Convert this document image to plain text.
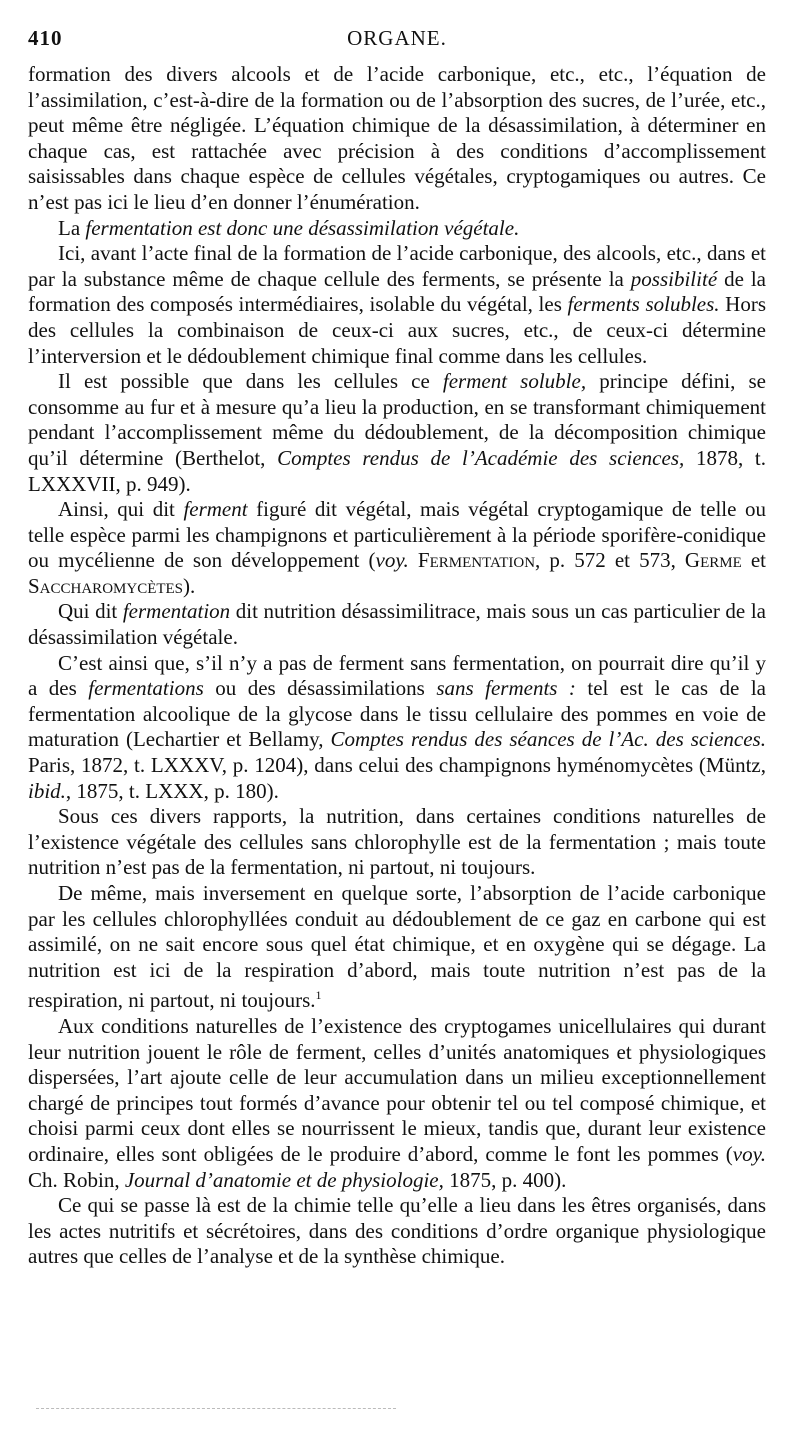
410	ORGANE.

formation des divers alcools et de l’acide carbonique, etc., etc., l’équation de l’assimilation, c’est-à-dire de la formation ou de l’absorption des sucres, de l’urée, etc., peut même être négligée. L’équation chimique de la désassimilation, à déterminer en chaque cas, est rattachée avec précision à des conditions d’accomplissement saisissables dans chaque espèce de cellules végétales, cryptogamiques ou autres. Ce n’est pas ici le lieu d’en donner l’énumération.

La fermentation est donc une désassimilation végétale.

Ici, avant l’acte final de la formation de l’acide carbonique, des alcools, etc., dans et par la substance même de chaque cellule des ferments, se présente la possibilité de la formation des composés intermédiaires, isolable du végétal, les ferments solubles. Hors des cellules la combinaison de ceux-ci aux sucres, etc., de ceux-ci détermine l’interversion et le dédoublement chimique final comme dans les cellules.

Il est possible que dans les cellules ce ferment soluble, principe défini, se consomme au fur et à mesure qu’a lieu la production, en se transformant chimiquement pendant l’accomplissement même du dédoublement, de la décomposition chimique qu’il détermine (Berthelot, Comptes rendus de l’Académie des sciences, 1878, t. LXXXVII, p. 949).

Ainsi, qui dit ferment figuré dit végétal, mais végétal cryptogamique de telle ou telle espèce parmi les champignons et particulièrement à la période sporifère-conidique ou mycélienne de son développement (voy. Fermentation, p. 572 et 573, Germe et Saccharomycètes).

Qui dit fermentation dit nutrition désassimilitrace, mais sous un cas particulier de la désassimilation végétale.

C’est ainsi que, s’il n’y a pas de ferment sans fermentation, on pourrait dire qu’il y a des fermentations ou des désassimilations sans ferments : tel est le cas de la fermentation alcoolique de la glycose dans le tissu cellulaire des pommes en voie de maturation (Lechartier et Bellamy, Comptes rendus des séances de l’Ac. des sciences. Paris, 1872, t. LXXXV, p. 1204), dans celui des champignons hyménomycètes (Müntz, ibid., 1875, t. LXXX, p. 180).

Sous ces divers rapports, la nutrition, dans certaines conditions naturelles de l’existence végétale des cellules sans chlorophylle est de la fermentation ; mais toute nutrition n’est pas de la fermentation, ni partout, ni toujours.

De même, mais inversement en quelque sorte, l’absorption de l’acide carbonique par les cellules chlorophyllées conduit au dédoublement de ce gaz en carbone qui est assimilé, on ne sait encore sous quel état chimique, et en oxygène qui se dégage. La nutrition est ici de la respiration d’abord, mais toute nutrition n’est pas de la respiration, ni partout, ni toujours.$^1$

Aux conditions naturelles de l’existence des cryptogames unicellulaires qui durant leur nutrition jouent le rôle de ferment, celles d’unités anatomiques et physiologiques dispersées, l’art ajoute celle de leur accumulation dans un milieu exceptionnellement chargé de principes tout formés d’avance pour obtenir tel ou tel composé chimique, et choisi parmi ceux dont elles se nourrissent le mieux, tandis que, durant leur existence ordinaire, elles sont obligées de le produire d’abord, comme le font les pommes (voy. Ch. Robin, Journal d’anatomie et de physiologie, 1875, p. 400).

Ce qui se passe là est de la chimie telle qu’elle a lieu dans les êtres organisés, dans les actes nutritifs et sécrétoires, dans des conditions d’ordre organique physiologique autres que celles de l’analyse et de la synthèse chimique.
